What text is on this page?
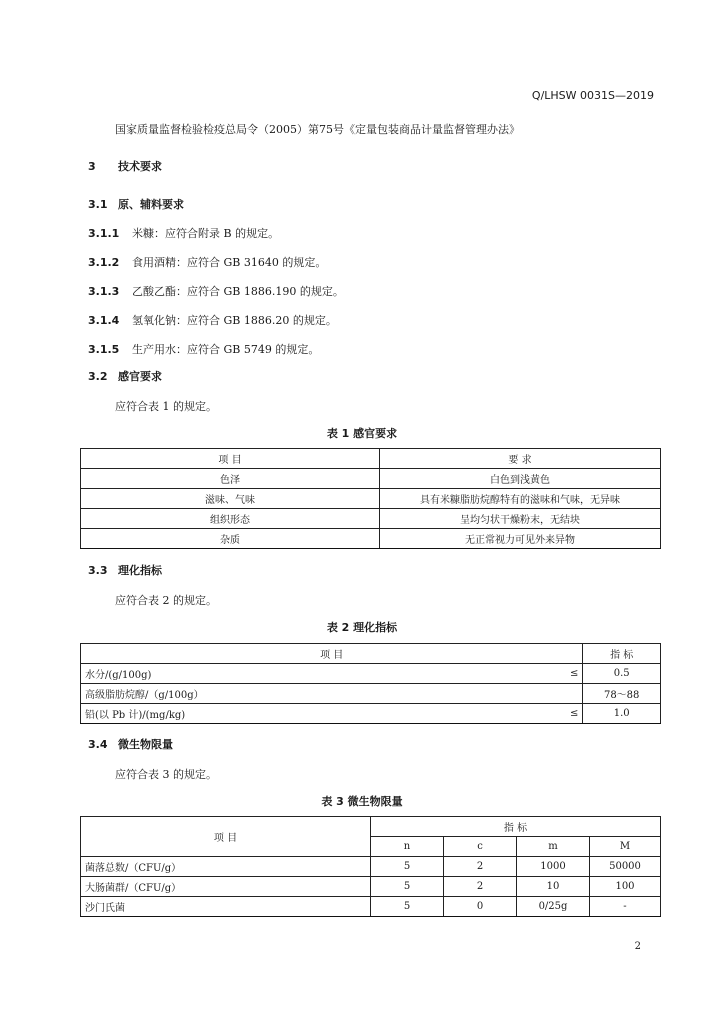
Q/LHSW 0031S—2019
国家质量监督检验检疫总局令（2005）第75号《定量包装商品计量监督管理办法》
3 技术要求
3.1 原、辅料要求
3.1.1 米糠：应符合附录 B 的规定。
3.1.2 食用酒精：应符合 GB 31640 的规定。
3.1.3 乙酸乙酯：应符合 GB 1886.190 的规定。
3.1.4 氢氧化钠：应符合 GB 1886.20 的规定。
3.1.5 生产用水：应符合 GB 5749 的规定。
3.2 感官要求
应符合表 1 的规定。
表 1 感官要求
项 目	要 求
色泽	白色到浅黄色
滋味、气味	具有米糠脂肪烷醇特有的滋味和气味，无异味
组织形态	呈均匀状干燥粉末，无结块
杂质	无正常视力可见外来异物
3.3 理化指标
应符合表 2 的规定。
表 2 理化指标
项 目		指 标
水分/(g/100g)	≤	0.5
高级脂肪烷醇/（g/100g）		78～88
铅(以 Pb 计)/(mg/kg)	≤	1.0
3.4 微生物限量
应符合表 3 的规定。
表 3 微生物限量
项 目	指 标			
	n	c	m	M
菌落总数/（CFU/g）	5	2	1000	50000
大肠菌群/（CFU/g）	5	2	10	100
沙门氏菌	5	0	0/25g	-
2
